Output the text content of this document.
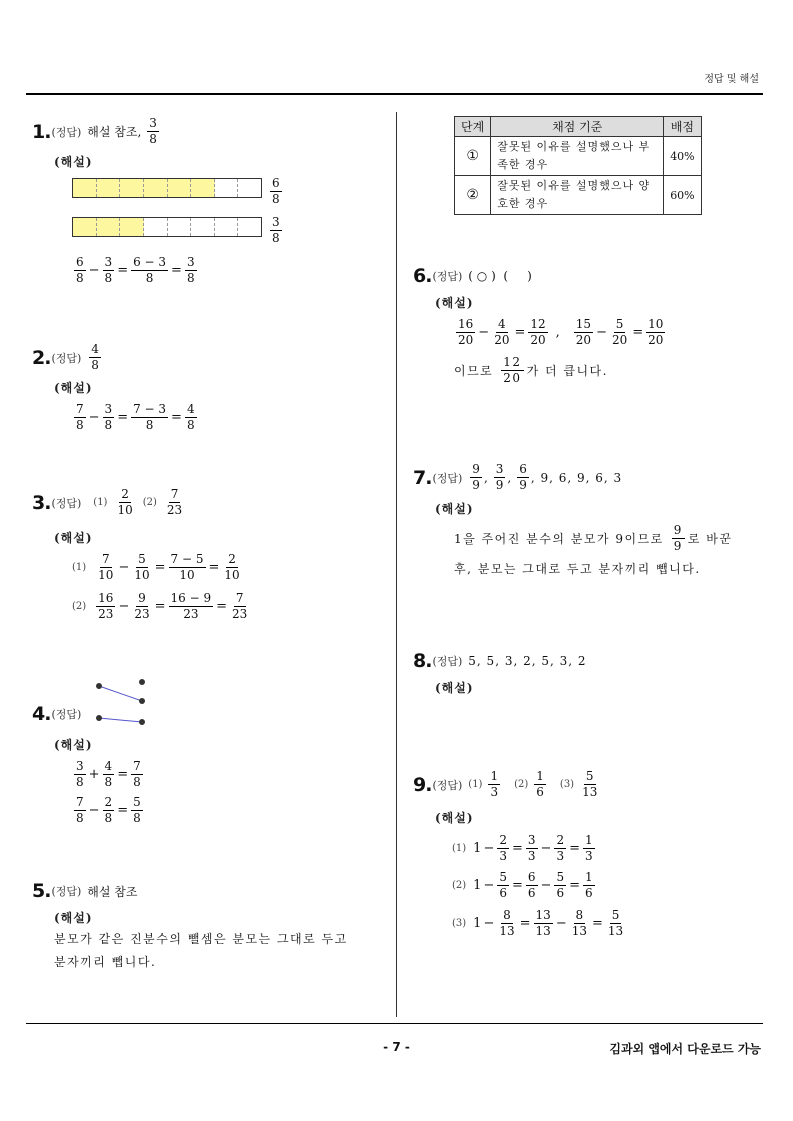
정답 및 해설
- 7 -	김과외 앱에서 다운로드 가능
1. (정답) 해설 참조, $\frac{3}{8}$
(해설)
$\frac{6}{8}$
$\frac{3}{8}$
$\frac{6}{8} - \frac{3}{8} = \frac{6 - 3}{8} = \frac{3}{8}$
2. (정답) $\frac{4}{8}$
(해설)
$\frac{7}{8} - \frac{3}{8} = \frac{7 - 3}{8} = \frac{4}{8}$
3. (정답) $(1) \frac{2}{10} (2) \frac{7}{23}$
(해설)
$(1) \frac{7}{10} - \frac{5}{10} = \frac{7 - 5}{10} = \frac{2}{10}$
$(2) \frac{16}{23} - \frac{9}{23} = \frac{16 - 9}{23} = \frac{7}{23}$
4. (정답)
(해설)
$\frac{3}{8} + \frac{4}{8} = \frac{7}{8}$
$\frac{7}{8} - \frac{2}{8} = \frac{5}{8}$
5. (정답) 해설 참조
(해설)
분모가 같은 진분수의 뺄셈은 분모는 그대로 두고
분자끼리 뺍니다.
단계	채점 기준	배점
①	잘못된 이유를 설명했으나 부족한 경우	40%
②	잘못된 이유를 설명했으나 양호한 경우	60%
6. (정답) ( ○ )  (     )
(해설)
$\frac{16}{20} - \frac{4}{20} = \frac{12}{20}$ , $\frac{15}{20} - \frac{5}{20} = \frac{10}{20}$
이므로 $\frac{12}{20}$ 가 더 큽니다.
7. (정답) $\frac{9}{9}$ , $\frac{3}{9}$ , $\frac{6}{9}$ , 9, 6, 9, 6, 3
(해설)
1을 주어진 분수의 분모가 9이므로 $\frac{9}{9}$ 로 바꾼
후, 분모는 그대로 두고 분자끼리 뺍니다.
8. (정답) 5, 5, 3, 2, 5, 3, 2
(해설)
9. (정답) $(1) \frac{1}{3} (2) \frac{1}{6} (3) \frac{5}{13}$
(해설)
(1) $1 - \frac{2}{3} = \frac{3}{3} - \frac{2}{3} = \frac{1}{3}$
(2) $1 - \frac{5}{6} = \frac{6}{6} - \frac{5}{6} = \frac{1}{6}$
(3) $1 - \frac{8}{13} = \frac{13}{13} - \frac{8}{13} = \frac{5}{13}$
